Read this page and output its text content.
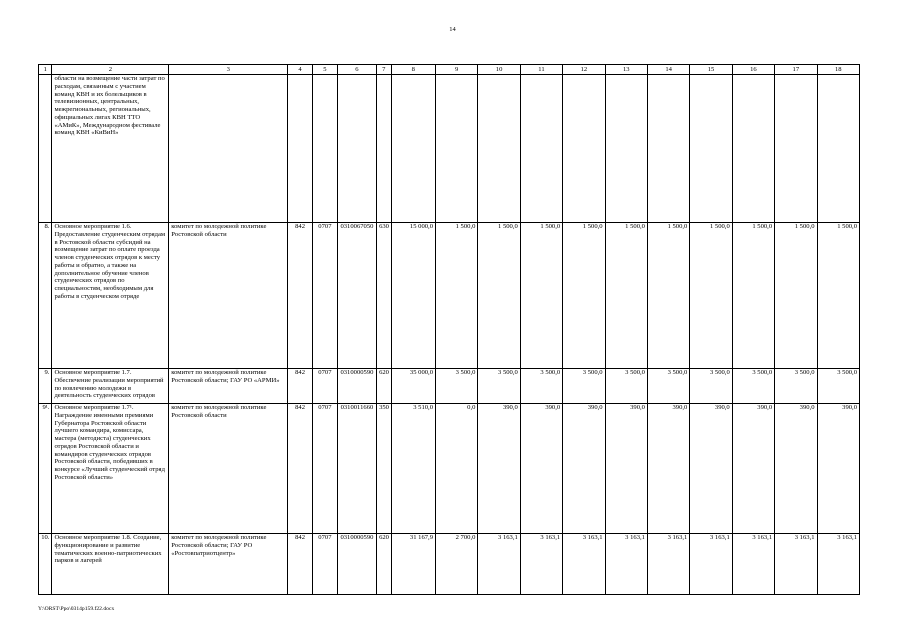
14
1	2	3	4	5	6	7	8	9	10	11	12	13	14	15	16	17	18
	области на возмещение части затрат по расходам, связанным с участием команд КВН и их болельщиков в телевизионных, центральных, межрегиональных, региональных, официальных лигах КВН ТТО «АМиК», Международном фестивале команд КВН «КиВиН»																
8.	Основное мероприятие 1.6. Предоставление студенческим отрядам в Ростовской области субсидий на возмещение затрат по оплате проезда членов студенческих отрядов к месту работы и обратно, а также на дополнительное обучение членов студенческих отрядов по специальностям, необходимым для работы в студенческом отряде	комитет по молодежной политике Ростовской области	842	0707	0310067050	630	15 000,0	1 500,0	1 500,0	1 500,0	1 500,0	1 500,0	1 500,0	1 500,0	1 500,0	1 500,0	1 500,0
9.	Основное мероприятие 1.7. Обеспечение реализации мероприятий по вовлечению молодежи в деятельность студенческих отрядов	комитет по молодежной политике Ростовской области; ГАУ РО «АРМИ»	842	0707	0310000590	620	35 000,0	3 500,0	3 500,0	3 500,0	3 500,0	3 500,0	3 500,0	3 500,0	3 500,0	3 500,0	3 500,0
9¹.	Основное мероприятие 1.7¹. Награждение именными премиями Губернатора Ростовской области лучшего командира, комиссара, мастера (методиста) студенческих отрядов Ростовской области и командиров студенческих отрядов Ростовской области, победивших в конкурсе «Лучший студенческий отряд Ростовской области»	комитет по молодежной политике Ростовской области	842	0707	0310011660	350	3 510,0	0,0	390,0	390,0	390,0	390,0	390,0	390,0	390,0	390,0	390,0
10.	Основное мероприятие 1.8. Создание, функционирование и развитие тематических военно-патриотических парков и лагерей	комитет по молодежной политике Ростовской области; ГАУ РО «Ростовпатриотцентр»	842	0707	0310000590	620	31 167,9	2 700,0	3 163,1	3 163,1	3 163,1	3 163,1	3 163,1	3 163,1	3 163,1	3 163,1	3 163,1
Y:\ORST\Ppo\0314p159.f22.docx
